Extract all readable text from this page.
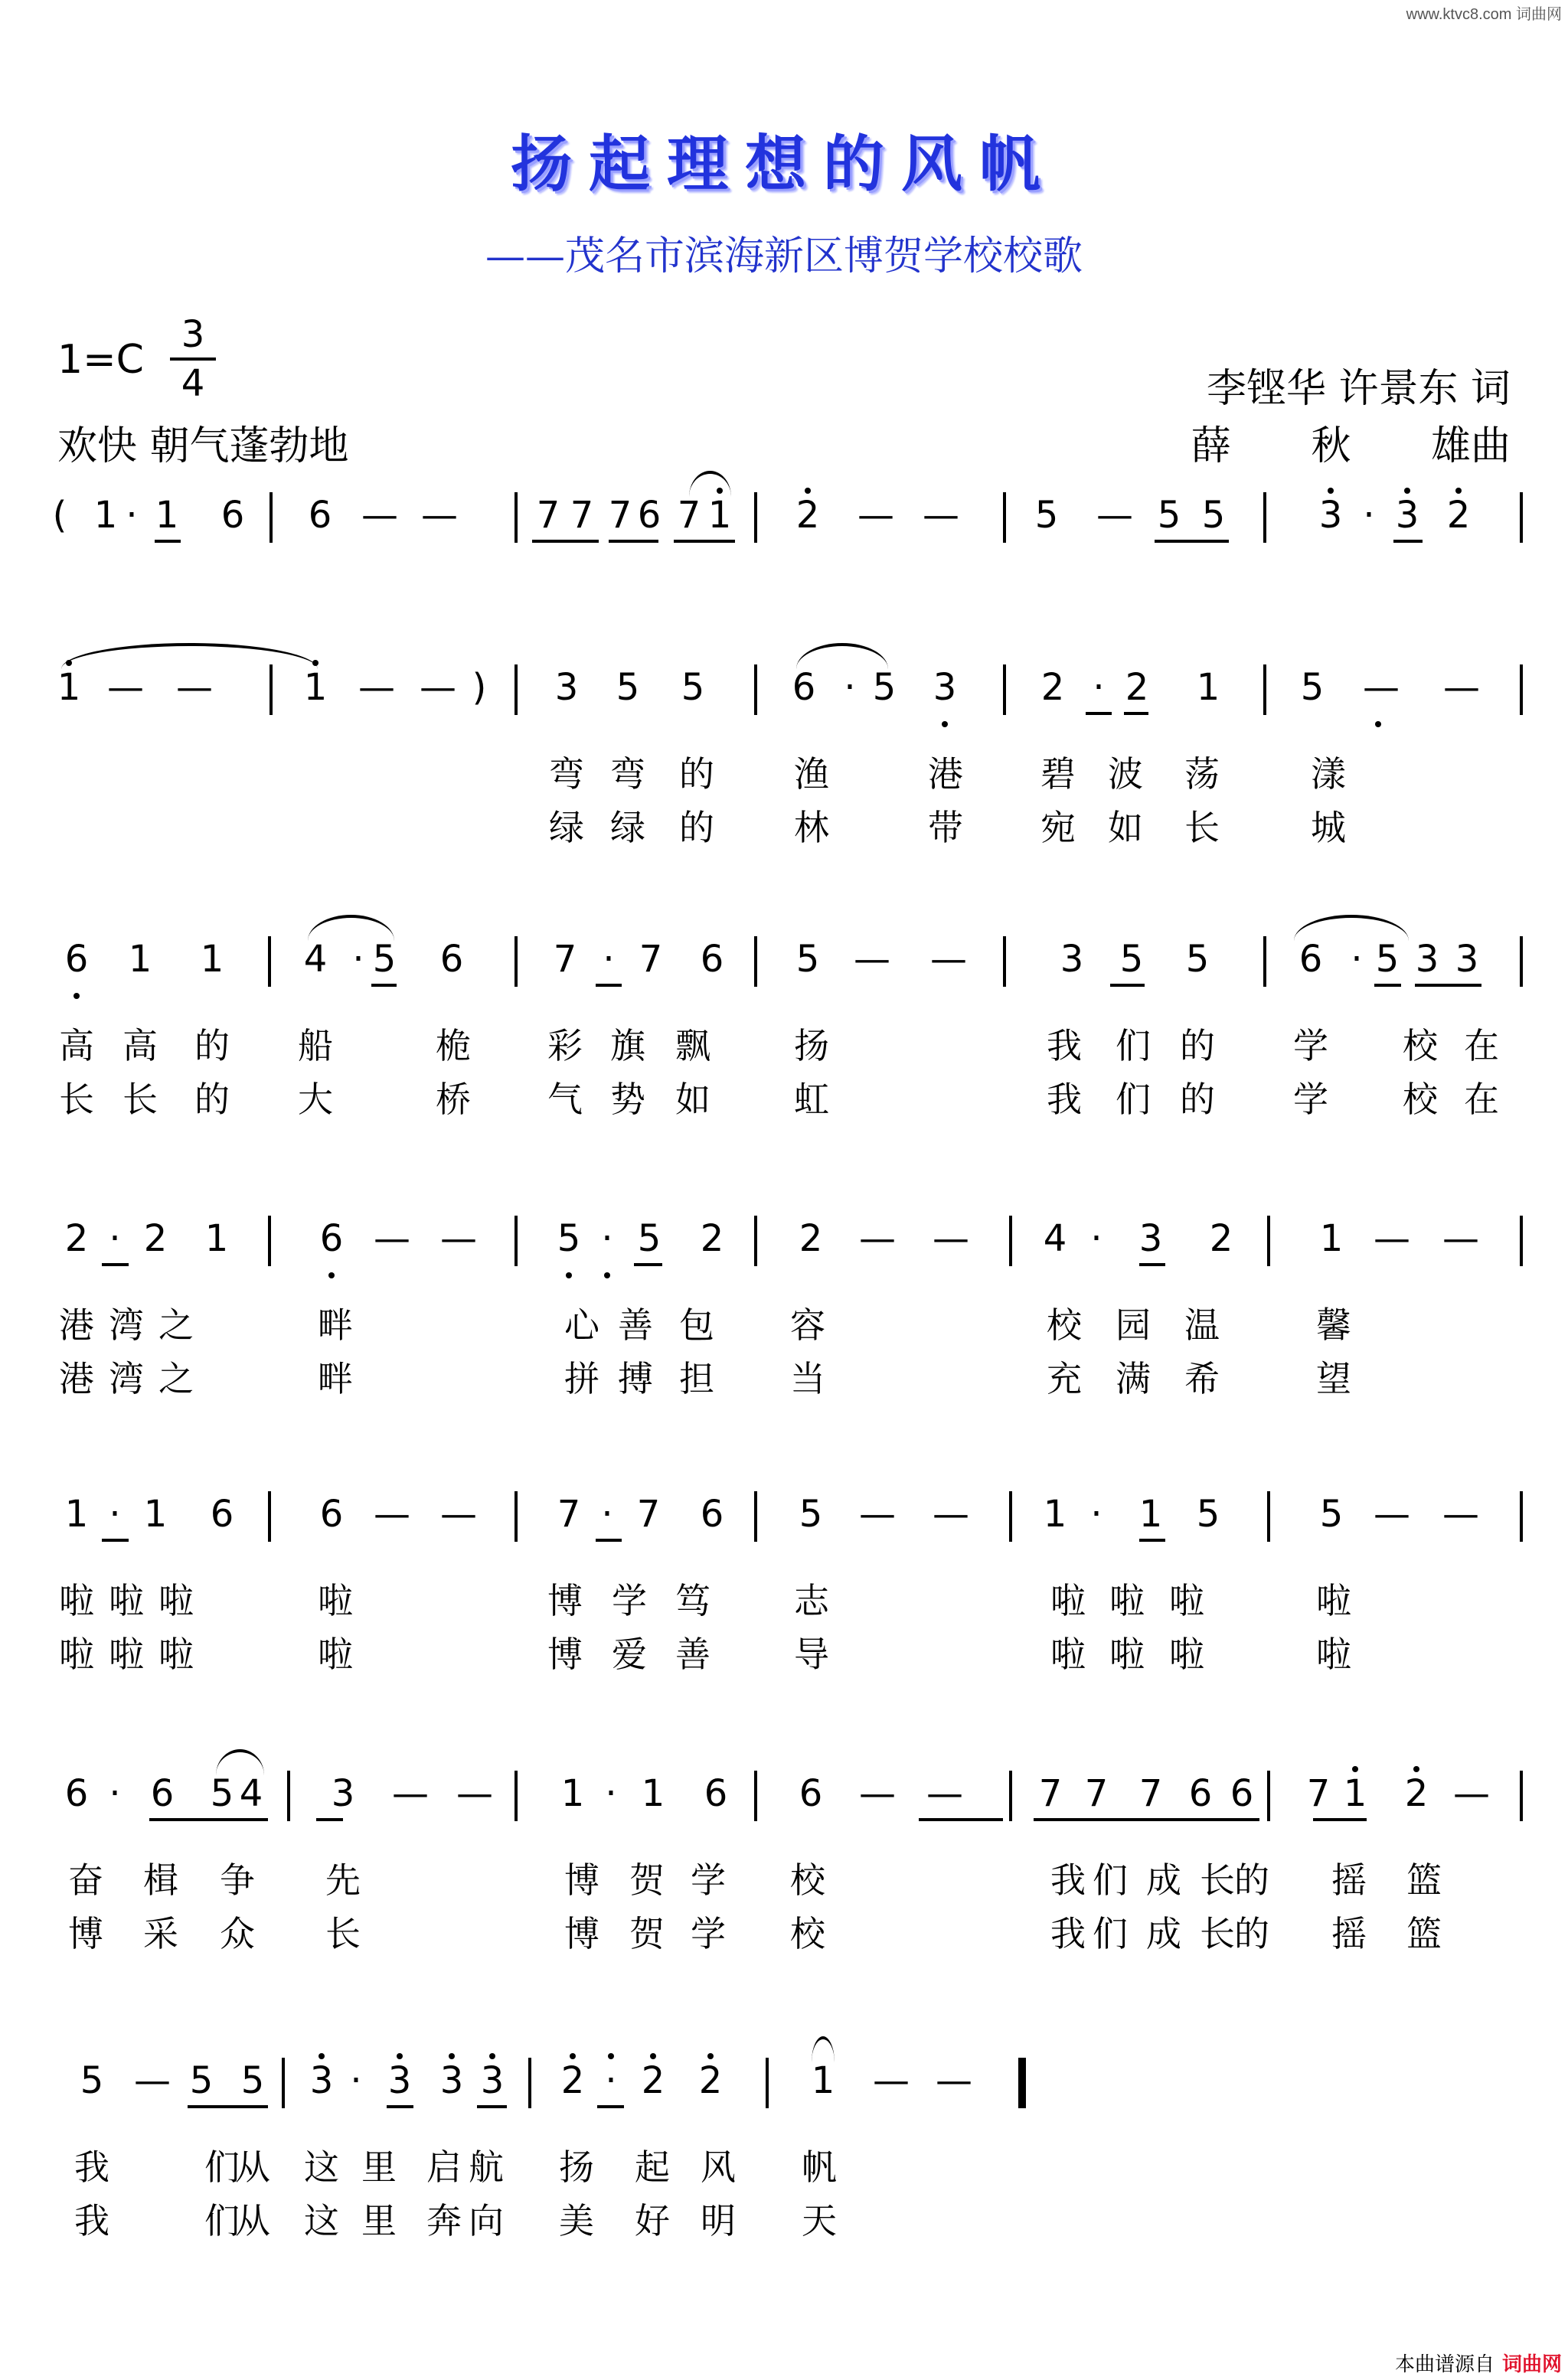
www.ktvc8.com 词曲网
扬起理想的风帆
——茂名市滨海新区博贺学校校歌
$1=C \frac{3}{4}$
欢快 朝气蓬勃地
李铿华 许景东 词
薛 秋 雄曲
( 1 · 1 6 6 — — 7 7 7 6 7 1 2 — — 5 — 5 5	3 · 3 2
1 — — 1 — — ) 3 5 5 6 · 5 3 2 · 2 1 5 — —
弯 弯 的 渔	港 碧 波 荡	漾
绿 绿 的 林	带 宛 如 长	城
6 1 1 4 · 5 6 7 · 7 6 5 — —	3 5 5 6 · 5 3 3
高 高 的 船	桅 彩 旗 飘 扬	我 们 的 学 校 在
长 长 的 大	桥 气 势 如 虹	我 们 的 学 校 在
2 · 2 1 6 — — 5 · 5 2 2 — — 4 · 3 2 1 — —
港 湾 之	畔	心 善 包 容	校 园 温	馨
港 湾 之	畔	拼 搏 担 当	充 满 希	望
1 · 1 6 6 — — 7 · 7 6 5 — — 1 · 1 5	5 — —
啦 啦 啦	啦	博 学 笃 志	啦 啦 啦	啦
啦 啦 啦	啦	博 爱 善 导	啦 啦 啦	啦
6 · 6 5 4 3 — — 1 · 1 6 6 — — 7 7 7 6 6 7 1 2 —
奋 楫 争 先	博 贺 学 校	我 们 成 长 的 摇 篮
博 采 众 长	博 贺 学 校	我 们 成 长 的 摇 篮
5 — 5 5 3 · 3 3 3 2 · 2 2 1 — —
我	们
从 这 里 启 航 扬 起 风 帆
我	们
从 这 里 奔 向 美 好 明 天
本曲谱源自 词曲网
